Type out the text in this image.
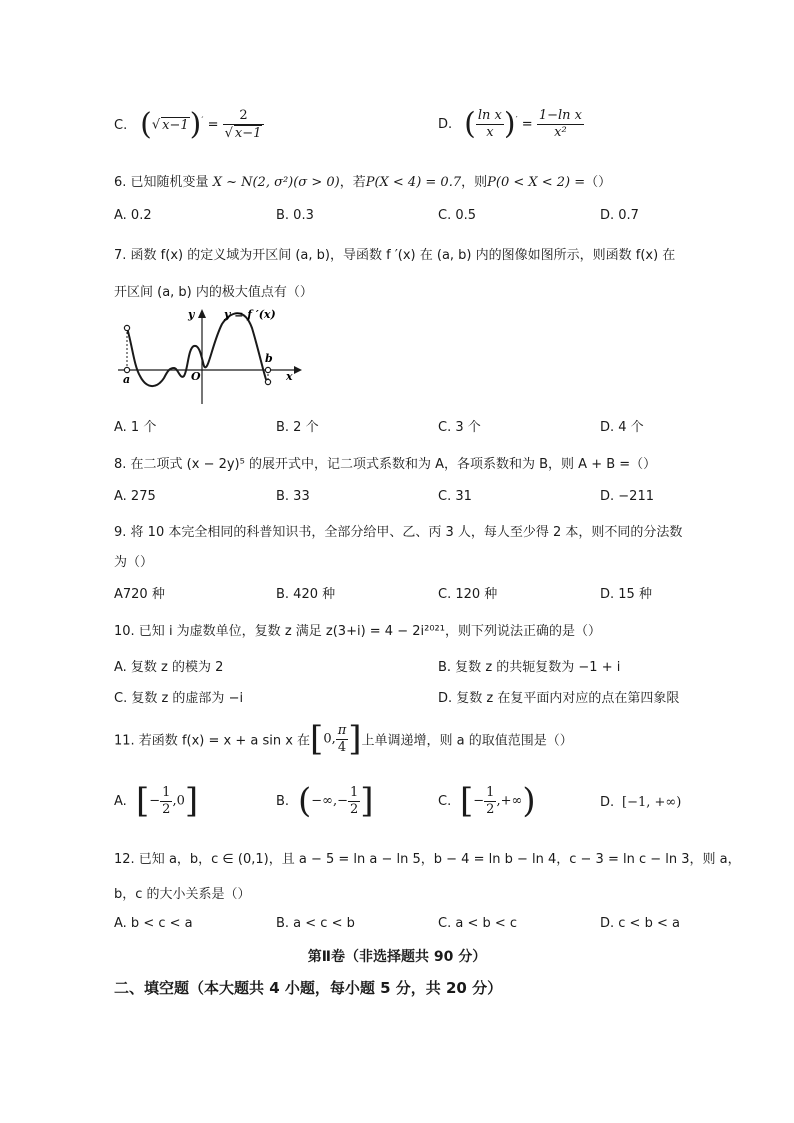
C. (√ $x-1)' = \frac{2}{√ x-1}$	D. ( $\frac{\text{ln x}}{x} )' = \frac{\text{1−ln x}}{\text{x²}}$
6. 已知随机变量 X ~ N(2, σ²)(σ > 0)，若P(X < 4) = 0.7，则P(0 < X < 2) =（）
A. 0.2	B. 0.3	C. 0.5	D. 0.7
7. 函数 f(x) 的定义域为开区间 (a, b)，导函数 f ′(x) 在 (a, b) 内的图像如图所示，则函数 f(x) 在
开区间 (a, b) 内的极大值点有（）
y	y = f ′(x)
x
a
b
O
A. 1 个	B. 2 个	C. 3 个	D. 4 个
8. 在二项式 (x − 2y)⁵ 的展开式中，记二项式系数和为 A，各项系数和为 B，则 A + B =（）
A. 275	B. 33	C. 31	D. −211
9. 将 10 本完全相同的科普知识书，全部分给甲、乙、丙 3 人，每人至少得 2 本，则不同的分法数
为（）
A720 种	B. 420 种	C. 120 种	D. 15 种
10. 已知 i 为虚数单位，复数 z 满足 z(3+i) = 4 − 2i²⁰²¹，则下列说法正确的是（）
A. 复数 z 的模为 2	B. 复数 z 的共轭复数为 −1 + i
C. 复数 z 的虚部为 −i	D. 复数 z 在复平面内对应的点在第四象限
11. 若函数 f(x) = x + a sin x 在[0, $\frac{\pi}{4}$ ]上单调递增，则 a 的取值范围是（）
A. [− $\frac{1}{2} ,0$]	B. (−∞,− $\frac{1}{2}$ ]	C. [− $\frac{1}{2}$ ,+∞)	D. [−1, +∞)
12. 已知 a，b，c ∈ (0,1)，且 a − 5 = ln a − ln 5，b − 4 = ln b − ln 4，c − 3 = ln c − ln 3，则 a，
b，c 的大小关系是（）
A. b < c < a	B. a < c < b	C. a < b < c	D. c < b < a
第Ⅱ卷（非选择题共 90 分）
二、填空题（本大题共 4 小题，每小题 5 分，共 20 分）
